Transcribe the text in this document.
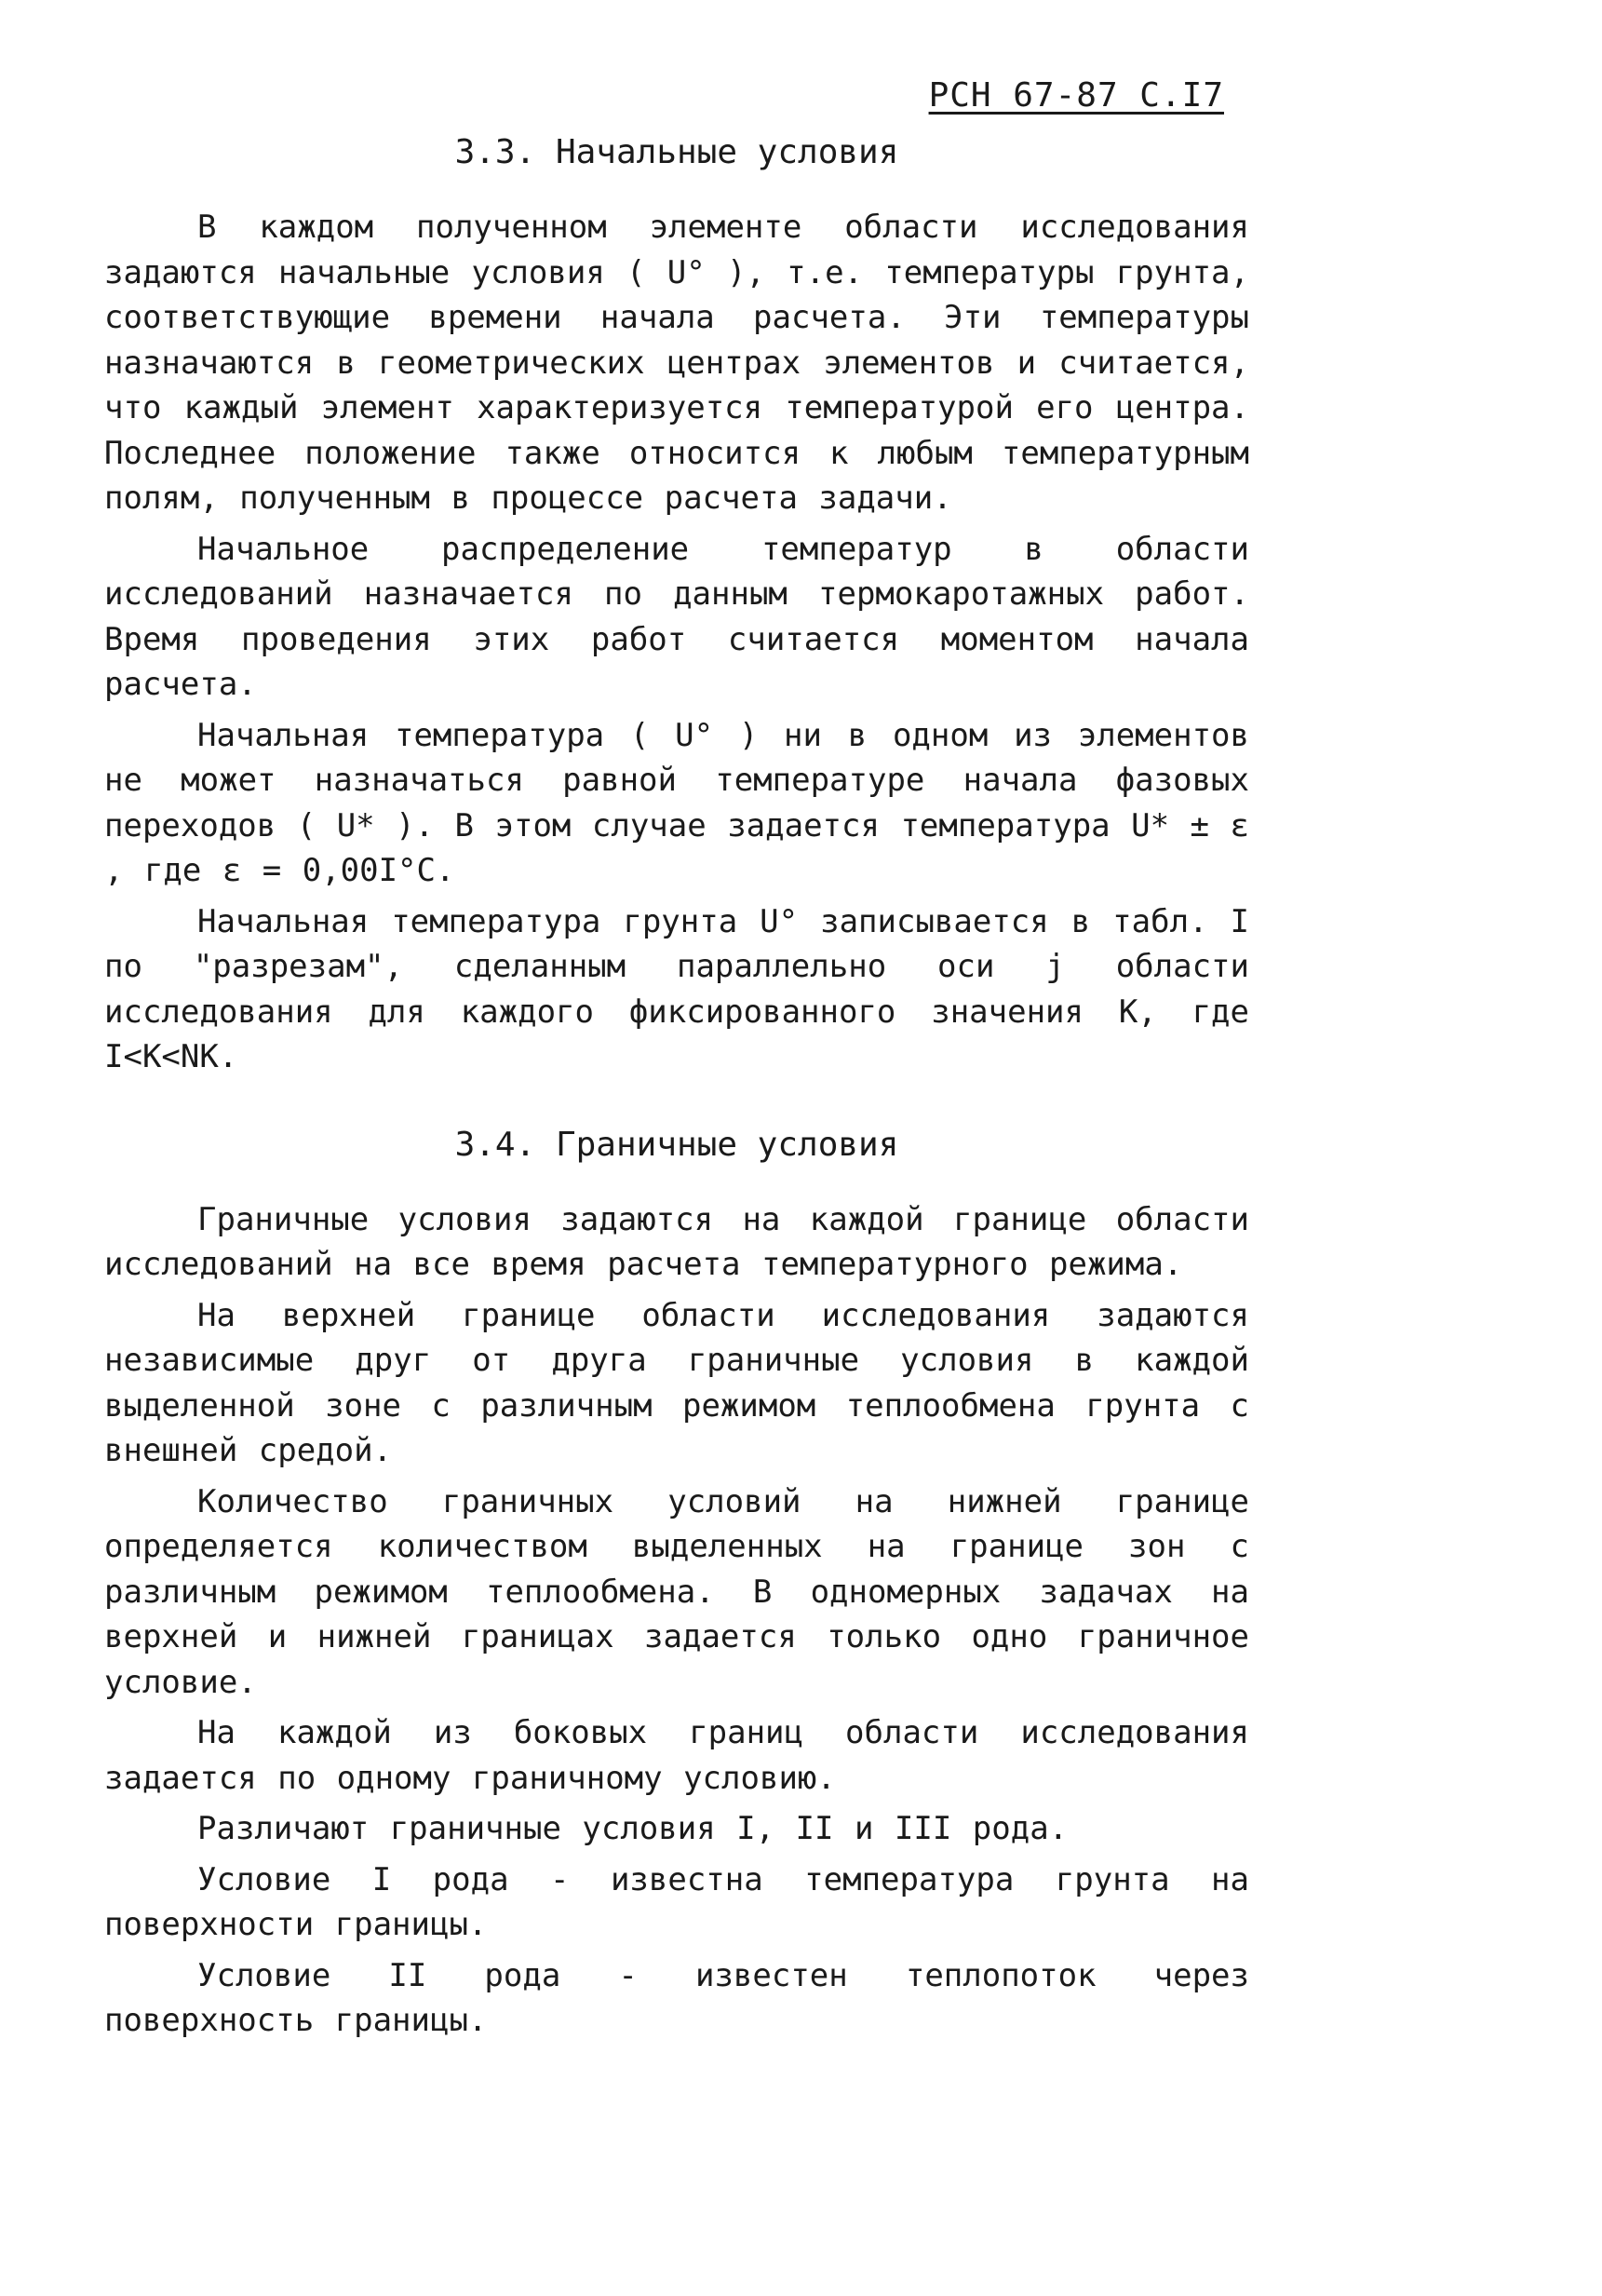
РСН 67-87 С.I7
3.3. Начальные условия

В каждом полученном элементе области исследования задаются начальные условия ( U° ), т.е. температуры грунта, соответствующие времени начала расчета. Эти температуры назначаются в геометрических центрах элементов и считается, что каждый элемент характеризуется температурой его центра. Последнее положение также относится к любым температурным полям, полученным в процессе расчета задачи.

Начальное распределение температур в области исследований назначается по данным термокаротажных работ. Время проведения этих работ считается моментом начала расчета.

Начальная температура ( U° ) ни в одном из элементов не может назначаться равной температуре начала фазовых переходов ( U* ). В этом случае задается температура U* ± ε , где ε = 0,00I°С.

Начальная температура грунта U° записывается в табл. I по "разрезам", сделанным параллельно оси j области исследования для каждого фиксированного значения К, где I<K<NK.

3.4. Граничные условия

Граничные условия задаются на каждой границе области исследований на все время расчета температурного режима.

На верхней границе области исследования задаются независимые друг от друга граничные условия в каждой выделенной зоне с различным режимом теплообмена грунта с внешней средой.

Количество граничных условий на нижней границе определяется количеством выделенных на границе зон с различным режимом теплообмена. В одномерных задачах на верхней и нижней границах задается только одно граничное условие.

На каждой из боковых границ области исследования задается по одному граничному условию.

Различают граничные условия I, II и III рода.

Условие I рода - известна температура грунта на поверхности границы.

Условие II рода - известен теплопоток через поверхность границы.
